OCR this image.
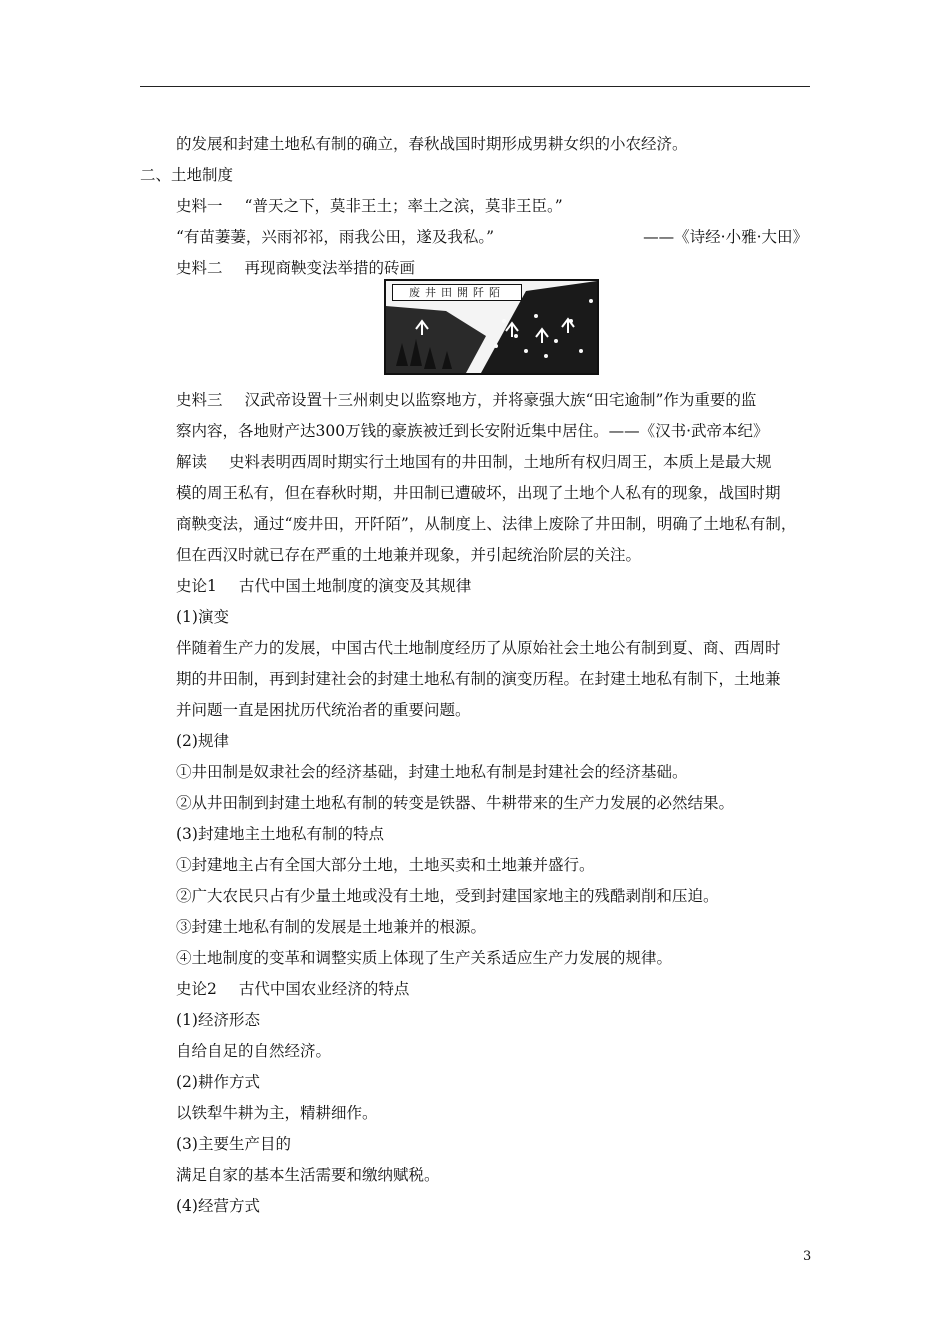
的发展和封建土地私有制的确立，春秋战国时期形成男耕女织的小农经济。
二、土地制度
史料一 “普天之下，莫非王土；率土之滨，莫非王臣。”
“有苗萋萋，兴雨祁祁，雨我公田，遂及我私。”	——《诗经·小雅·大田》
史料二 再现商鞅变法举措的砖画
废井田開阡陌
史料三 汉武帝设置十三州刺史以监察地方，并将豪强大族“田宅逾制”作为重要的监
察内容，各地财产达300万钱的豪族被迁到长安附近集中居住。——《汉书·武帝本纪》
解读 史料表明西周时期实行土地国有的井田制，土地所有权归周王，本质上是最大规
模的周王私有，但在春秋时期，井田制已遭破坏，出现了土地个人私有的现象，战国时期
商鞅变法，通过“废井田，开阡陌”，从制度上、法律上废除了井田制，明确了土地私有制，
但在西汉时就已存在严重的土地兼并现象，并引起统治阶层的关注。
史论1 古代中国土地制度的演变及其规律
(1)演变
伴随着生产力的发展，中国古代土地制度经历了从原始社会土地公有制到夏、商、西周时
期的井田制，再到封建社会的封建土地私有制的演变历程。在封建土地私有制下，土地兼
并问题一直是困扰历代统治者的重要问题。
(2)规律
①井田制是奴隶社会的经济基础，封建土地私有制是封建社会的经济基础。
②从井田制到封建土地私有制的转变是铁器、牛耕带来的生产力发展的必然结果。
(3)封建地主土地私有制的特点
①封建地主占有全国大部分土地，土地买卖和土地兼并盛行。
②广大农民只占有少量土地或没有土地，受到封建国家地主的残酷剥削和压迫。
③封建土地私有制的发展是土地兼并的根源。
④土地制度的变革和调整实质上体现了生产关系适应生产力发展的规律。
史论2 古代中国农业经济的特点
(1)经济形态
自给自足的自然经济。
(2)耕作方式
以铁犁牛耕为主，精耕细作。
(3)主要生产目的
满足自家的基本生活需要和缴纳赋税。
(4)经营方式
3
